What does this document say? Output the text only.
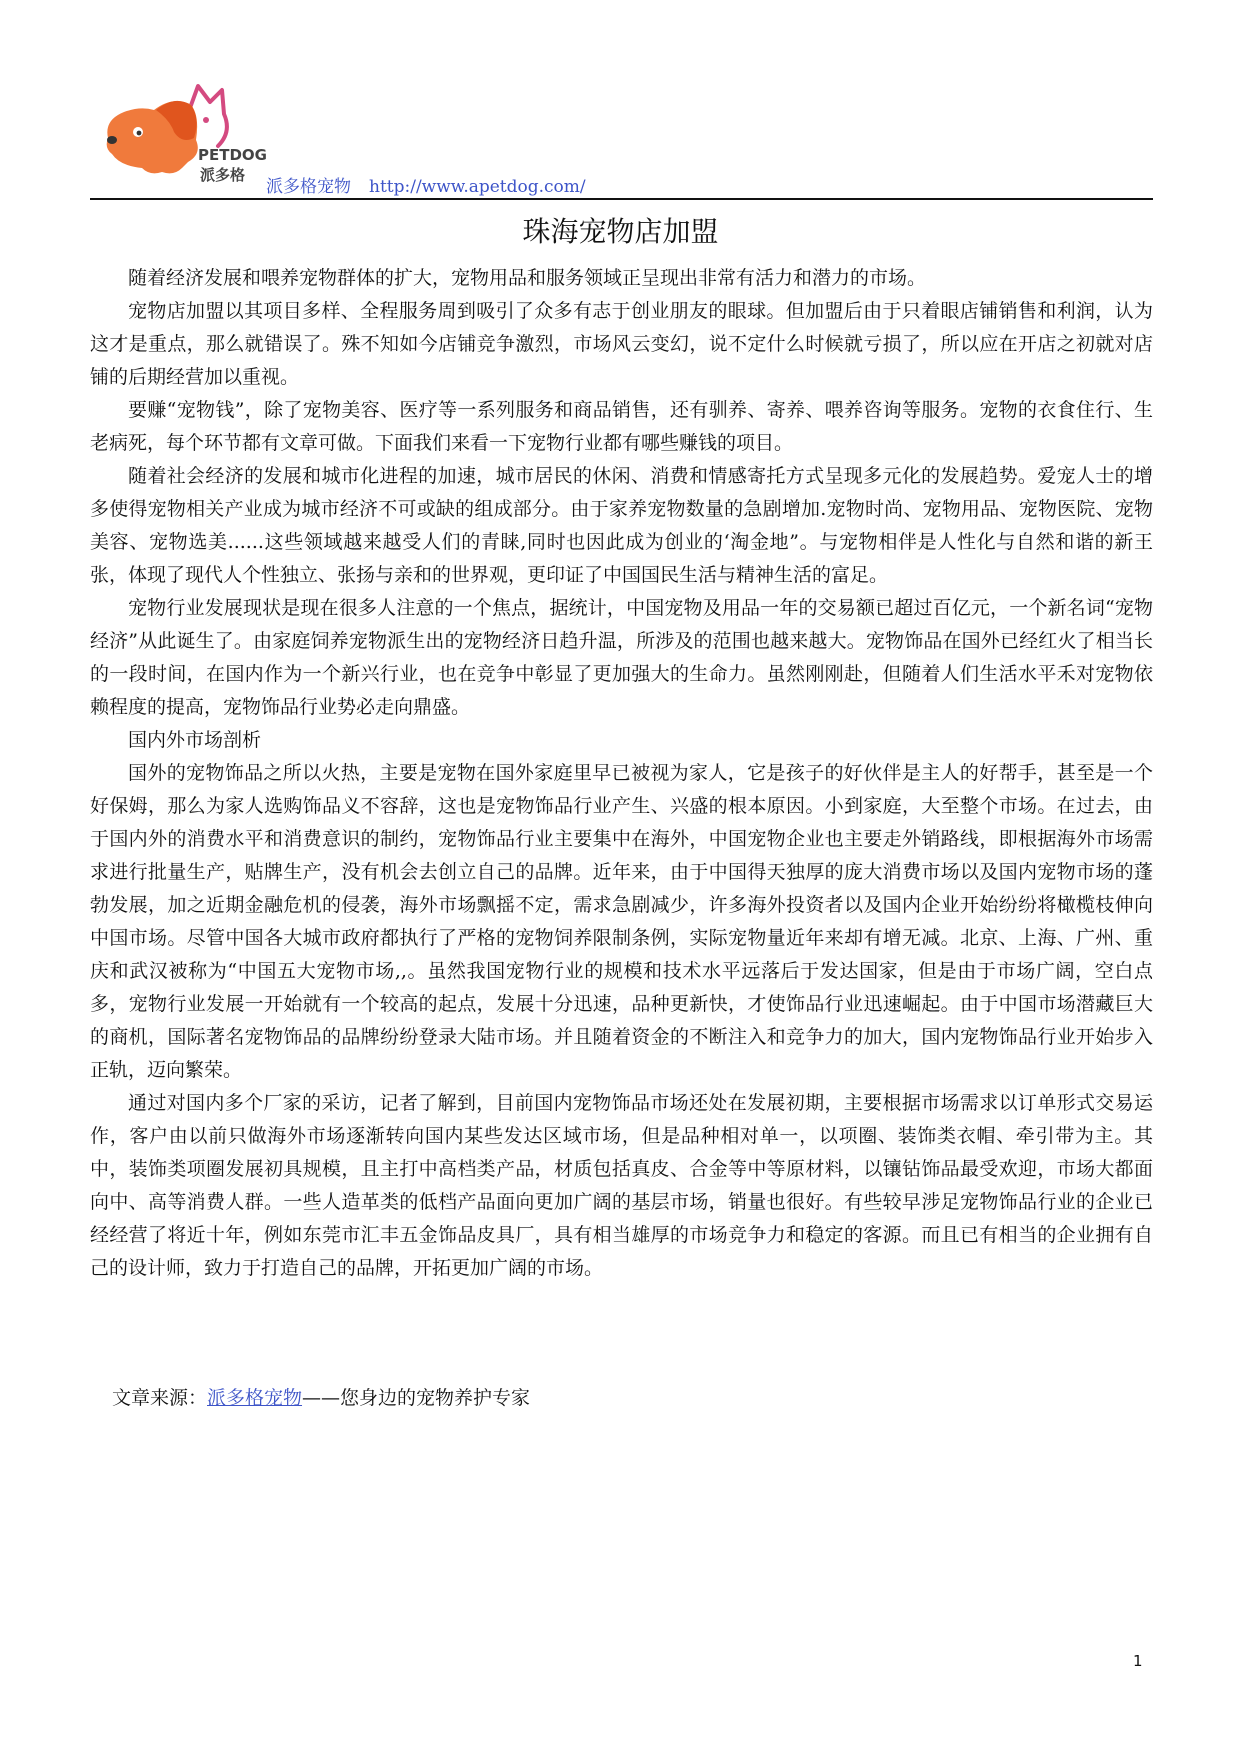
PETDOG
派多格
派多格宠物 http://www.apetdog.com/
珠海宠物店加盟

随着经济发展和喂养宠物群体的扩大，宠物用品和服务领域正呈现出非常有活力和潜力的市场。

宠物店加盟以其项目多样、全程服务周到吸引了众多有志于创业朋友的眼球。但加盟后由于只着眼店铺销售和利润，认为这才是重点，那么就错误了。殊不知如今店铺竞争激烈，市场风云变幻，说不定什么时候就亏损了，所以应在开店之初就对店铺的后期经营加以重视。

要赚“宠物钱”，除了宠物美容、医疗等一系列服务和商品销售，还有驯养、寄养、喂养咨询等服务。宠物的衣食住行、生老病死，每个环节都有文章可做。下面我们来看一下宠物行业都有哪些赚钱的项目。

随着社会经济的发展和城市化进程的加速，城市居民的休闲、消费和情感寄托方式呈现多元化的发展趋势。爱宠人士的增多使得宠物相关产业成为城市经济不可或缺的组成部分。由于家养宠物数量的急剧增加.宠物时尚、宠物用品、宠物医院、宠物美容、宠物选美......这些领域越来越受人们的青睐,同时也因此成为创业的‘淘金地”。与宠物相伴是人性化与自然和谐的新王张，体现了现代人个性独立、张扬与亲和的世界观，更印证了中国国民生活与精神生活的富足。

宠物行业发展现状是现在很多人注意的一个焦点，据统计，中国宠物及用品一年的交易额已超过百亿元，一个新名词“宠物经济”从此诞生了。由家庭饲养宠物派生出的宠物经济日趋升温，所涉及的范围也越来越大。宠物饰品在国外已经红火了相当长的一段时间，在国内作为一个新兴行业，也在竞争中彰显了更加强大的生命力。虽然刚刚赴，但随着人们生活水平禾对宠物依赖程度的提高，宠物饰品行业势必走向鼎盛。

国内外市场剖析

国外的宠物饰品之所以火热，主要是宠物在国外家庭里早已被视为家人，它是孩子的好伙伴是主人的好帮手，甚至是一个好保姆，那么为家人选购饰品义不容辞，这也是宠物饰品行业产生、兴盛的根本原因。小到家庭，大至整个市场。在过去，由于国内外的消费水平和消费意识的制约，宠物饰品行业主要集中在海外，中国宠物企业也主要走外销路线，即根据海外市场需求进行批量生产，贴牌生产，没有机会去创立自己的品牌。近年来，由于中国得天独厚的庞大消费市场以及国内宠物市场的蓬勃发展，加之近期金融危机的侵袭，海外市场飘摇不定，需求急剧减少，许多海外投资者以及国内企业开始纷纷将橄榄枝伸向中国市场。尽管中国各大城市政府都执行了严格的宠物饲养限制条例，实际宠物量近年来却有增无减。北京、上海、广州、重庆和武汉被称为“中国五大宠物市场,,。虽然我国宠物行业的规模和技术水平远落后于发达国家，但是由于市场广阔，空白点多，宠物行业发展一开始就有一个较高的起点，发展十分迅速，品种更新快，才使饰品行业迅速崛起。由于中国市场潜藏巨大的商机，国际著名宠物饰品的品牌纷纷登录大陆市场。并且随着资金的不断注入和竞争力的加大，国内宠物饰品行业开始步入正轨，迈向繁荣。

通过对国内多个厂家的采访，记者了解到，目前国内宠物饰品市场还处在发展初期，主要根据市场需求以订单形式交易运作，客户由以前只做海外市场逐渐转向国内某些发达区域市场，但是品种相对单一，以项圈、装饰类衣帽、牵引带为主。其中，装饰类项圈发展初具规模，且主打中高档类产品，材质包括真皮、合金等中等原材料，以镶钻饰品最受欢迎，市场大都面向中、高等消费人群。一些人造革类的低档产品面向更加广阔的基层市场，销量也很好。有些较早涉足宠物饰品行业的企业已经经营了将近十年，例如东莞市汇丰五金饰品皮具厂，具有相当雄厚的市场竞争力和稳定的客源。而且已有相当的企业拥有自己的设计师，致力于打造自己的品牌，开拓更加广阔的市场。

文章来源：派多格宠物——您身边的宠物养护专家
1
